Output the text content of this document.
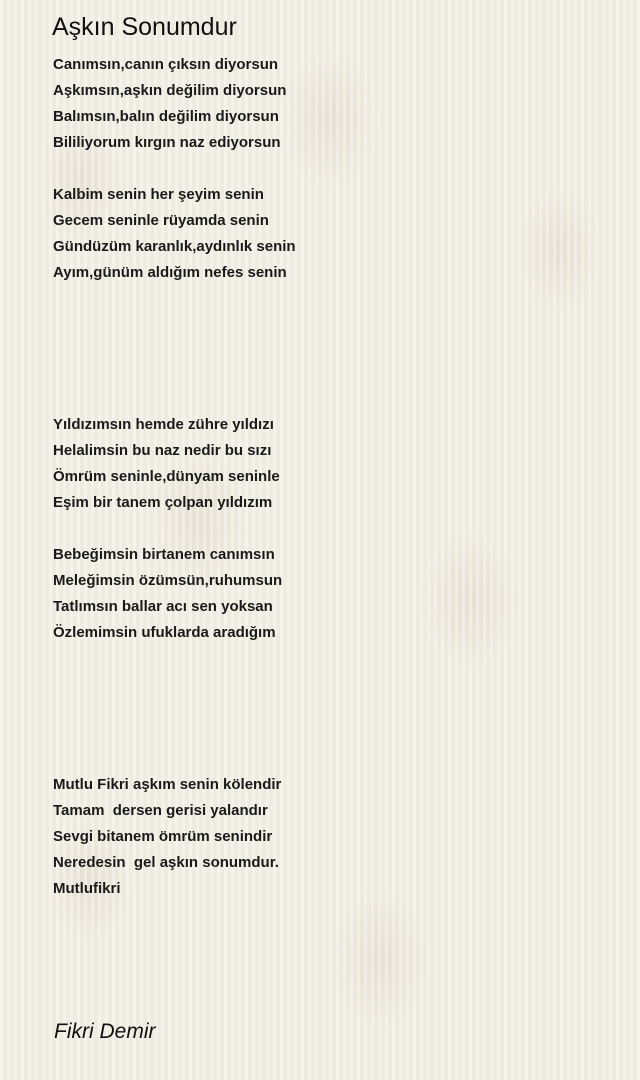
Aşkın Sonumdur
Canımsın,canın çıksın diyorsun
Aşkımsın,aşkın değilim diyorsun
Balımsın,balın değilim diyorsun
Bililiyorum kırgın naz ediyorsun
Kalbim senin her şeyim senin
Gecem seninle rüyamda senin
Gündüzüm karanlık,aydınlık senin
Ayım,günüm aldığım nefes senin
Yıldızımsın hemde zühre yıldızı
Helalimsin bu naz nedir bu sızı
Ömrüm seninle,dünyam seninle
Eşim bir tanem çolpan yıldızım
Bebeğimsin birtanem canımsın
Meleğimsin özümsün,ruhumsun
Tatlımsın ballar acı sen yoksan
Özlemimsin ufuklarda aradığım
Mutlu Fikri aşkım senin kölendir
Tamam  dersen gerisi yalandır
Sevgi bitanem ömrüm senindir
Neredesin  gel aşkın sonumdur.
Mutlufikri
Fikri Demir
